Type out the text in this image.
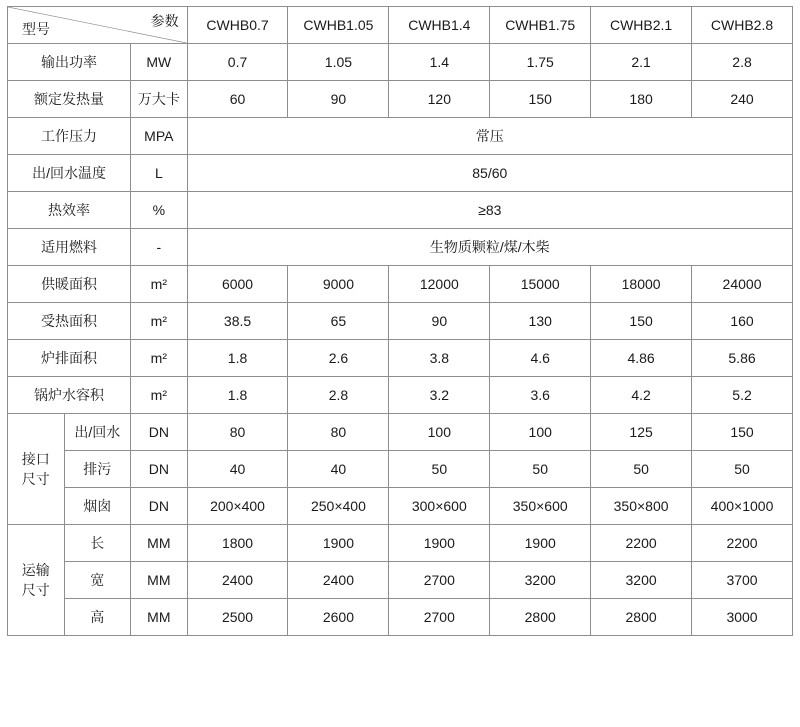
参数
型号			CWHB0.7	CWHB1.05	CWHB1.4	CWHB1.75	CWHB2.1	CWHB2.8
输出功率		MW	0.7	1.05	1.4	1.75	2.1	2.8
额定发热量		万大卡	60	90	120	150	180	240
工作压力		MPA	常压					
出/回水温度		L	85/60					
热效率		%	≥83					
适用燃料		-	生物质颗粒/煤/木柴					
供暖面积		m²	6000	9000	12000	15000	18000	24000
受热面积		m²	38.5	65	90	130	150	160
炉排面积		m²	1.8	2.6	3.8	4.6	4.86	5.86
锅炉水容积		m²	1.8	2.8	3.2	3.6	4.2	5.2
接口
尺寸	出/回水	DN	80	80	100	100	125	150
	排污	DN	40	40	50	50	50	50
	烟囱	DN	200×400	250×400	300×600	350×600	350×800	400×1000
运输
尺寸	长	MM	1800	1900	1900	1900	2200	2200
	宽	MM	2400	2400	2700	3200	3200	3700
	高	MM	2500	2600	2700	2800	2800	3000
